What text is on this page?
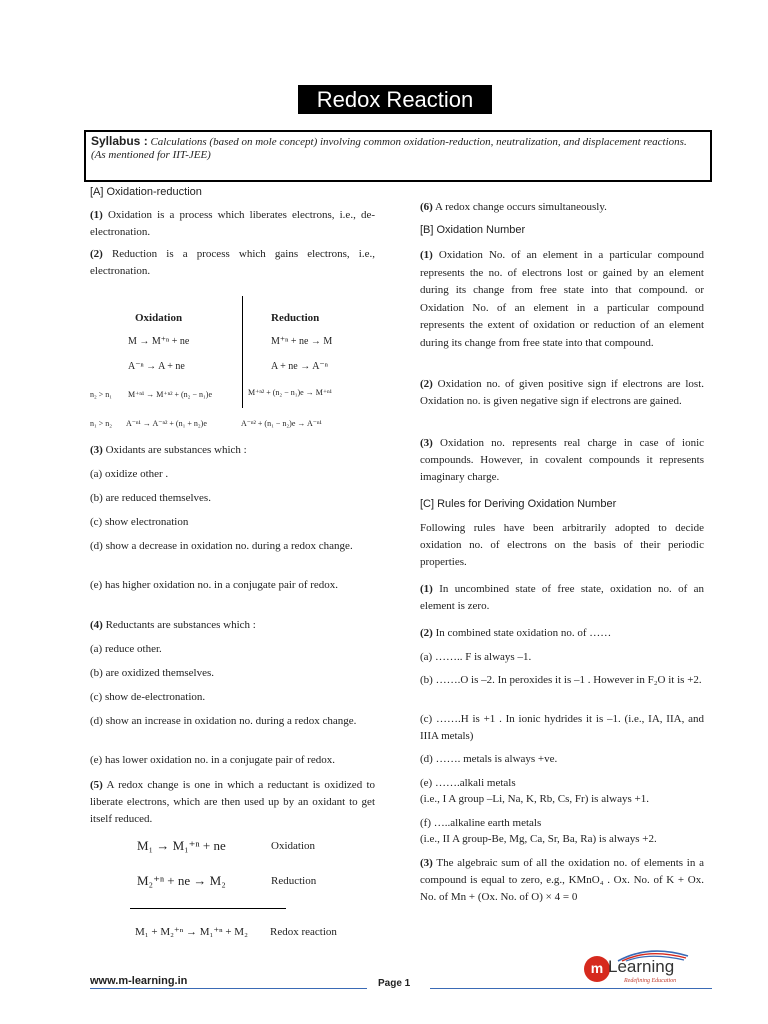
Redox Reaction
Syllabus : Calculations (based on mole concept) involving common oxidation-reduction, neutralization, and displacement reactions.
(As mentioned for IIT-JEE)
[A] Oxidation-reduction
(1) Oxidation is a process which liberates electrons, i.e., de-electronation.
(2) Reduction is a process which gains electrons, i.e., electronation.
Oxidation	Reduction
M → M⁺ⁿ + ne	M⁺ⁿ + ne → M
A⁻ⁿ → A + ne	A + ne → A⁻ⁿ
n₂ > n₁ M⁺ⁿ¹ → M⁺ⁿ² + (n₂ − n₁)e	M⁺ⁿ² + (n₂ − n₁)e → M⁺ⁿ¹
n₁ > n₂ A⁻ⁿ¹ → A⁻ⁿ² + (n₁ + n₂)e	A⁻ⁿ² + (n₁ − n₂)e → A⁻ⁿ¹
(3) Oxidants are substances which :
(a) oxidize other .
(b) are reduced themselves.
(c) show electronation
(d) show a decrease in oxidation no. during a redox change.
(e) has higher oxidation no. in a conjugate pair of redox.
(4) Reductants are substances which :
(a) reduce other.
(b) are oxidized themselves.
(c) show de-electronation.
(d) show an increase in oxidation no. during a redox change.
(e) has lower oxidation no. in a conjugate pair of redox.
(5) A redox change is one in which a reductant is oxidized to liberate electrons, which are then used up by an oxidant to get itself reduced.
M₁ → M₁⁺ⁿ + ne	Oxidation
M₂⁺ⁿ + ne → M₂	Reduction
M₁ + M₂⁺ⁿ → M₁⁺ⁿ + M₂ Redox reaction
(6) A redox change occurs simultaneously.
[B] Oxidation Number
(1) Oxidation No. of an element in a particular compound represents the no. of electrons lost or gained by an element during its change from free state into that compound. or Oxidation No. of an element in a particular compound represents the extent of oxidation or reduction of an element during its change from free state into that compound.
(2) Oxidation no. of given positive sign if electrons are lost. Oxidation no. is given negative sign if electrons are gained.
(3) Oxidation no. represents real charge in case of ionic compounds. However, in covalent compounds it represents imaginary charge.
[C] Rules for Deriving Oxidation Number
Following rules have been arbitrarily adopted to decide oxidation no. of electrons on the basis of their periodic properties.
(1) In uncombined state of free state, oxidation no. of an element is zero.
(2) In combined state oxidation no. of ……
(a) …….. F is always –1.
(b) …….O is –2. In peroxides it is –1 . However in F₂O it is +2.
(c) …….H is +1 . In ionic hydrides it is –1. (i.e., IA, IIA, and IIIA metals)
(d) ……. metals is always +ve.
(e) …….alkali metals
(i.e., I A group –Li, Na, K, Rb, Cs, Fr) is always +1.
(f) …..alkaline earth metals
(i.e., II A group-Be, Mg, Ca, Sr, Ba, Ra) is always +2.
(3) The algebraic sum of all the oxidation no. of elements in a compound is equal to zero, e.g., KMnO₄ . Ox. No. of K + Ox. No. of Mn + (Ox. No. of O) × 4 = 0
www.m-learning.in	Page 1
m Learning
Redefining Education
